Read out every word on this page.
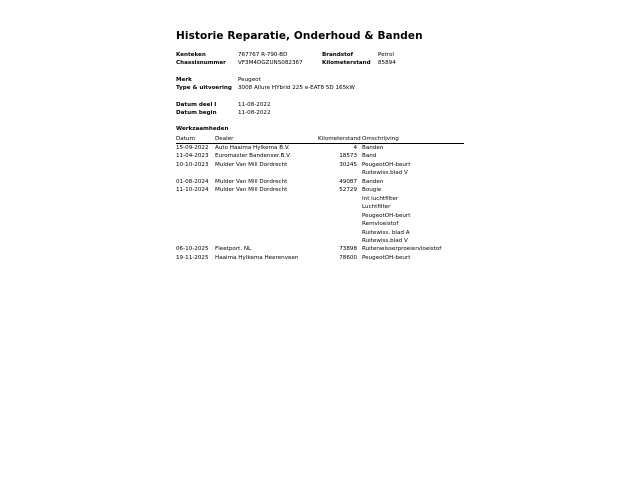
Historie Reparatie, Onderhoud & Banden
Kenteken	767767 R-790-BD	Brandstof	Petrol
Chassisnummer VF3M4DGZUNS082367	Kilometerstand 85894
Merk	Peugeot
Type & uitvoering 3008 Allure HYbrid 225 e-EAT8 5D 165kW
Datum deel I	11-08-2022
Datum begin	11-08-2022
Werkzaamheden
Datum	Dealer	Kilometerstand Omschrijving
15-09-2022 Auto Haaima Hylkema B.V.	4 Banden
11-04-2023 Euromaster Bandenser.B.V.	18573 Band
10-10-2023 Mulder Van Mill Dordrecht	30245 PeugeotOH-beurt
Ruitewiss.blad V
01-08-2024 Mulder Van Mill Dordrecht	49087 Banden
11-10-2024 Mulder Van Mill Dordrecht	52729 Bougie
Int luchtfilter
Luchtfilter
PeugeotOH-beurt
Remvloeistof
Ruitewiss. blad A
Ruitewiss.blad V
06-10-2025 Fleetport. NL	73898 Ruitenwisserproeiervloeistof
19-11-2025 Haaima Hylkema Heerenveen	78600 PeugeotOH-beurt
